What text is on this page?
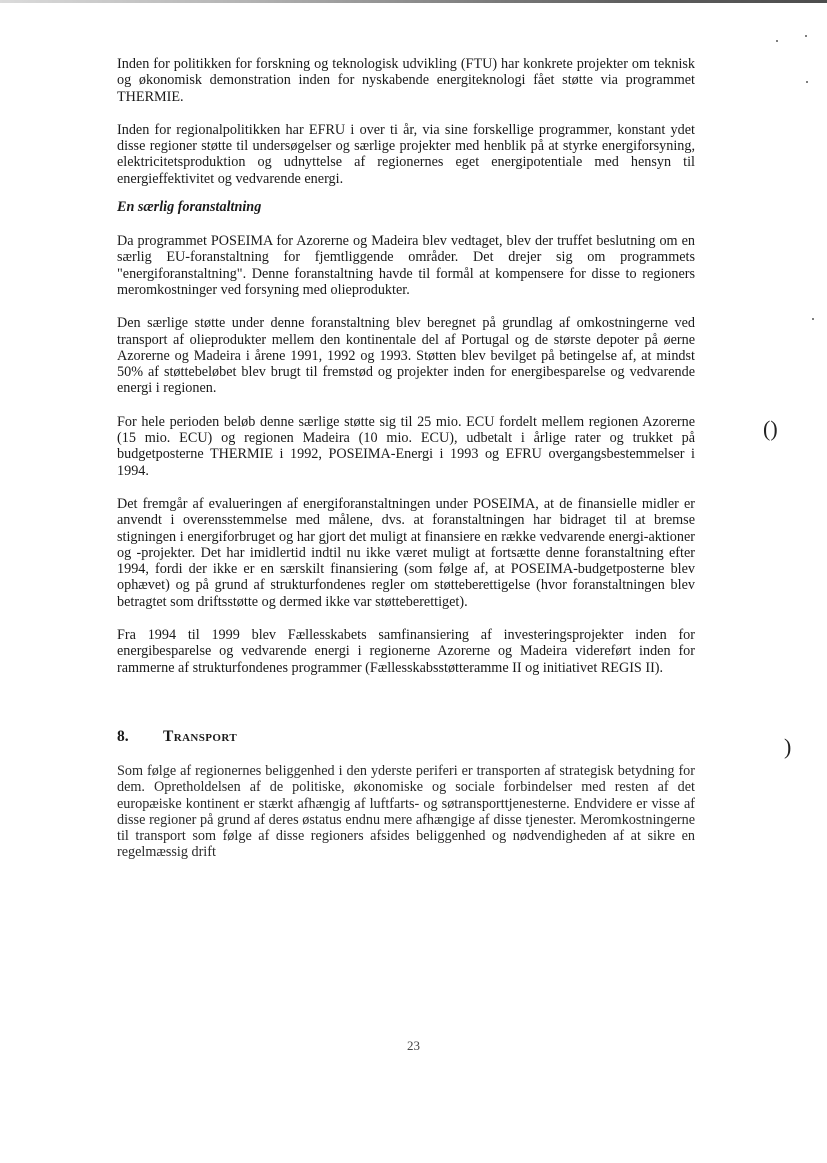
Inden for politikken for forskning og teknologisk udvikling (FTU) har konkrete projekter om teknisk og økonomisk demonstration inden for nyskabende energiteknologi fået støtte via programmet THERMIE.

Inden for regionalpolitikken har EFRU i over ti år, via sine forskellige programmer, konstant ydet disse regioner støtte til undersøgelser og særlige projekter med henblik på at styrke energiforsyning, elektricitetsproduktion og udnyttelse af regionernes eget energipotentiale med hensyn til energieffektivitet og vedvarende energi.

En særlig foranstaltning

Da programmet POSEIMA for Azorerne og Madeira blev vedtaget, blev der truffet beslutning om en særlig EU-foranstaltning for fjemtliggende områder. Det drejer sig om programmets "energiforanstaltning". Denne foranstaltning havde til formål at kompensere for disse to regioners meromkostninger ved forsyning med olieprodukter.

Den særlige støtte under denne foranstaltning blev beregnet på grundlag af omkostningerne ved transport af olieprodukter mellem den kontinentale del af Portugal og de største depoter på øerne Azorerne og Madeira i årene 1991, 1992 og 1993. Støtten blev bevilget på betingelse af, at mindst 50% af støttebeløbet blev brugt til fremstød og projekter inden for energibesparelse og vedvarende energi i regionen.

For hele perioden beløb denne særlige støtte sig til 25 mio. ECU fordelt mellem regionen Azorerne (15 mio. ECU) og regionen Madeira (10 mio. ECU), udbetalt i årlige rater og trukket på budgetposterne THERMIE i 1992, POSEIMA-Energi i 1993 og EFRU overgangsbestemmelser i 1994.

Det fremgår af evalueringen af energiforanstaltningen under POSEIMA, at de finansielle midler er anvendt i overensstemmelse med målene, dvs. at foranstaltningen har bidraget til at bremse stigningen i energiforbruget og har gjort det muligt at finansiere en række vedvarende energi-aktioner og -projekter. Det har imidlertid indtil nu ikke været muligt at fortsætte denne foranstaltning efter 1994, fordi der ikke er en særskilt finansiering (som følge af, at POSEIMA-budgetposterne blev ophævet) og på grund af strukturfondenes regler om støtteberettigelse (hvor foranstaltningen blev betragtet som driftsstøtte og dermed ikke var støtteberettiget).

Fra 1994 til 1999 blev Fællesskabets samfinansiering af investeringsprojekter inden for energibesparelse og vedvarende energi i regionerne Azorerne og Madeira videreført inden for rammerne af strukturfondenes programmer (Fællesskabsstøtteramme II og initiativet REGIS II).

8.	Transport

Som følge af regionernes beliggenhed i den yderste periferi er transporten af strategisk betydning for dem. Opretholdelsen af de politiske, økonomiske og sociale forbindelser med resten af det europæiske kontinent er stærkt afhængig af luftfarts- og søtransporttjenesterne. Endvidere er visse af disse regioner på grund af deres østatus endnu mere afhængige af disse tjenester. Meromkostningerne til transport som følge af disse regioners afsides beliggenhed og nødvendigheden af at sikre en regelmæssig drift

23
()
)
